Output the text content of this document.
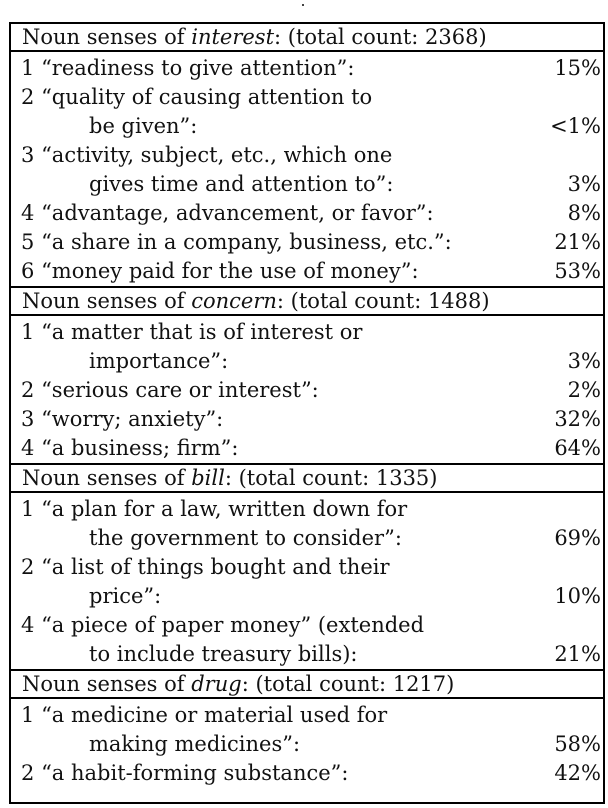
Noun senses of interest: (total count: 2368)
1 “readiness to give attention”:	15%
2 “quality of causing attention to
be given”:	<1%
3 “activity, subject, etc., which one
gives time and attention to”:	3%
4 “advantage, advancement, or favor”:	8%
5 “a share in a company, business, etc.”:	21%
6 “money paid for the use of money”:	53%
Noun senses of concern: (total count: 1488)
1 “a matter that is of interest or
importance”:	3%
2 “serious care or interest”:	2%
3 “worry; anxiety”:	32%
4 “a business; firm”:	64%
Noun senses of bill: (total count: 1335)
1 “a plan for a law, written down for
the government to consider”:	69%
2 “a list of things bought and their
price”:	10%
4 “a piece of paper money” (extended
to include treasury bills):	21%
Noun senses of drug: (total count: 1217)
1 “a medicine or material used for
making medicines”:	58%
2 “a habit-forming substance”:	42%
